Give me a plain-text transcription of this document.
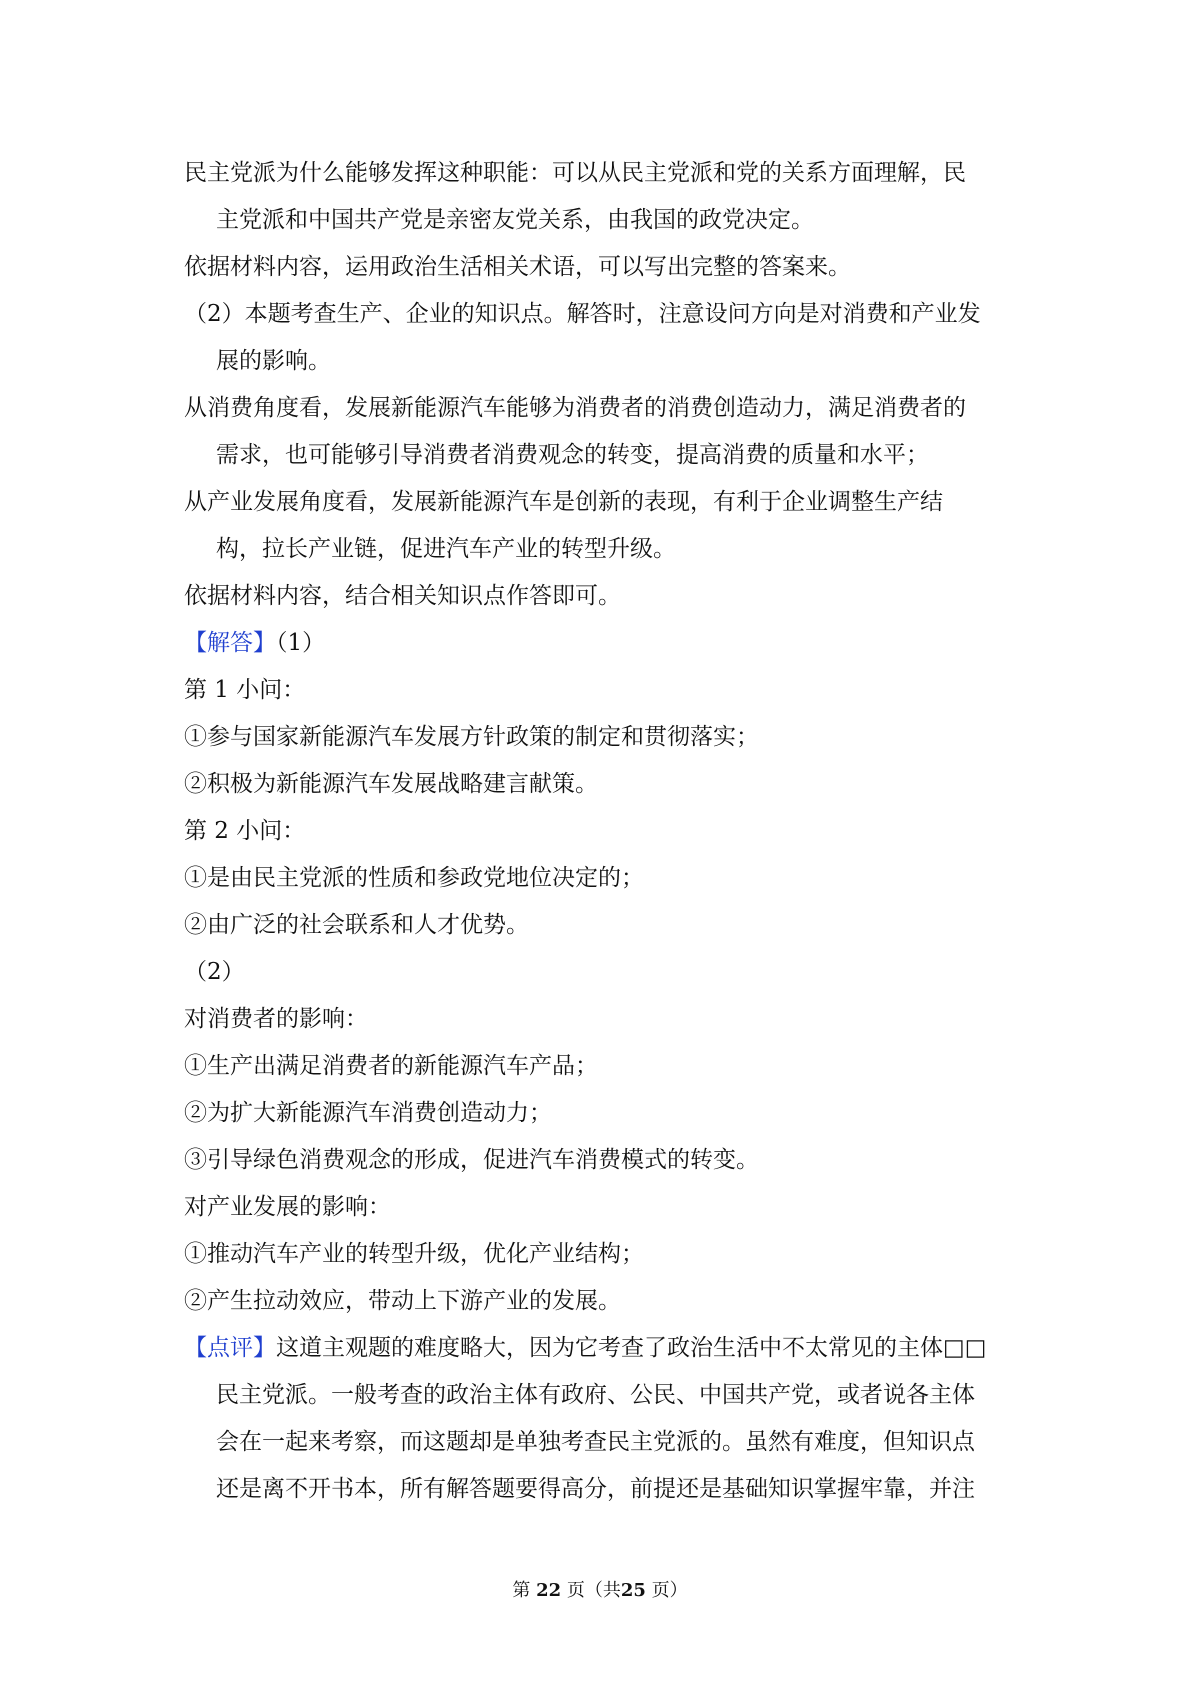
民主党派为什么能够发挥这种职能：可以从民主党派和党的关系方面理解，民

主党派和中国共产党是亲密友党关系，由我国的政党决定。

依据材料内容，运用政治生活相关术语，可以写出完整的答案来。

（2）本题考查生产、企业的知识点。解答时，注意设问方向是对消费和产业发

展的影响。

从消费角度看，发展新能源汽车能够为消费者的消费创造动力，满足消费者的

需求，也可能够引导消费者消费观念的转变，提高消费的质量和水平；

从产业发展角度看，发展新能源汽车是创新的表现，有利于企业调整生产结

构，拉长产业链，促进汽车产业的转型升级。

依据材料内容，结合相关知识点作答即可。

【解答】（1）

第 1 小问：

①参与国家新能源汽车发展方针政策的制定和贯彻落实；

②积极为新能源汽车发展战略建言献策。

第 2 小问：

①是由民主党派的性质和参政党地位决定的；

②由广泛的社会联系和人才优势。

（2）

对消费者的影响：

①生产出满足消费者的新能源汽车产品；

②为扩大新能源汽车消费创造动力；

③引导绿色消费观念的形成，促进汽车消费模式的转变。

对产业发展的影响：

①推动汽车产业的转型升级，优化产业结构；

②产生拉动效应，带动上下游产业的发展。

【点评】这道主观题的难度略大，因为它考查了政治生活中不太常见的主体□□

民主党派。一般考查的政治主体有政府、公民、中国共产党，或者说各主体

会在一起来考察，而这题却是单独考查民主党派的。虽然有难度，但知识点

还是离不开书本，所有解答题要得高分，前提还是基础知识掌握牢靠，并注

第 22 页（共25 页）
